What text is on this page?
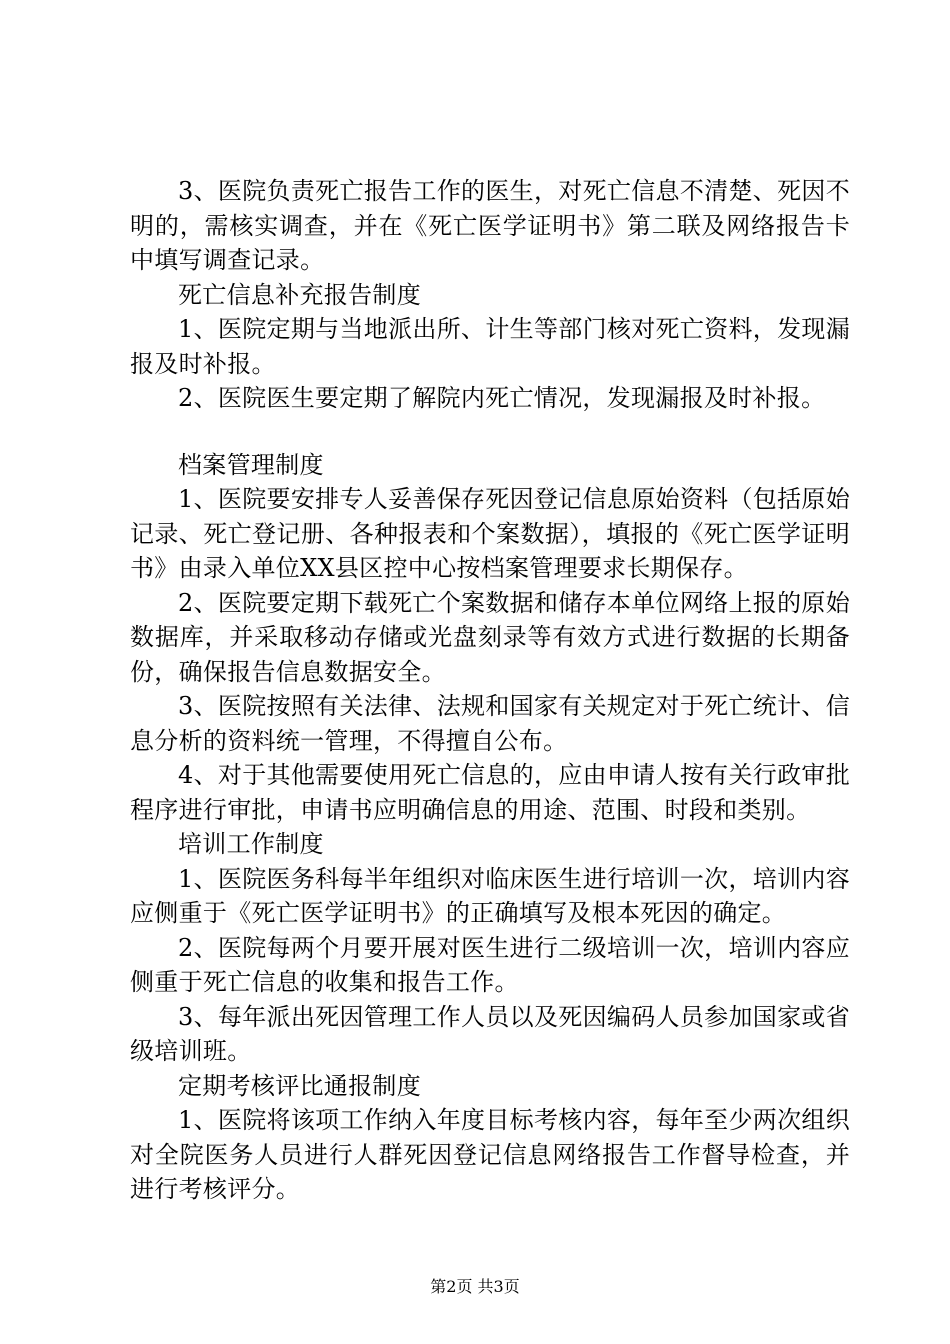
3、医院负责死亡报告工作的医生，对死亡信息不清楚、死因不明的，需核实调查，并在《死亡医学证明书》第二联及网络报告卡中填写调查记录。

死亡信息补充报告制度

1、医院定期与当地派出所、计生等部门核对死亡资料，发现漏报及时补报。

2、医院医生要定期了解院内死亡情况，发现漏报及时补报。

档案管理制度

1、医院要安排专人妥善保存死因登记信息原始资料（包括原始记录、死亡登记册、各种报表和个案数据），填报的《死亡医学证明书》由录入单位XX县区控中心按档案管理要求长期保存。

2、医院要定期下载死亡个案数据和储存本单位网络上报的原始数据库，并采取移动存储或光盘刻录等有效方式进行数据的长期备份，确保报告信息数据安全。

3、医院按照有关法律、法规和国家有关规定对于死亡统计、信息分析的资料统一管理，不得擅自公布。

4、对于其他需要使用死亡信息的，应由申请人按有关行政审批程序进行审批，申请书应明确信息的用途、范围、时段和类别。

培训工作制度

1、医院医务科每半年组织对临床医生进行培训一次，培训内容应侧重于《死亡医学证明书》的正确填写及根本死因的确定。

2、医院每两个月要开展对医生进行二级培训一次，培训内容应侧重于死亡信息的收集和报告工作。

3、每年派出死因管理工作人员以及死因编码人员参加国家或省级培训班。

定期考核评比通报制度

1、医院将该项工作纳入年度目标考核内容，每年至少两次组织对全院医务人员进行人群死因登记信息网络报告工作督导检查，并进行考核评分。

第2页 共3页
